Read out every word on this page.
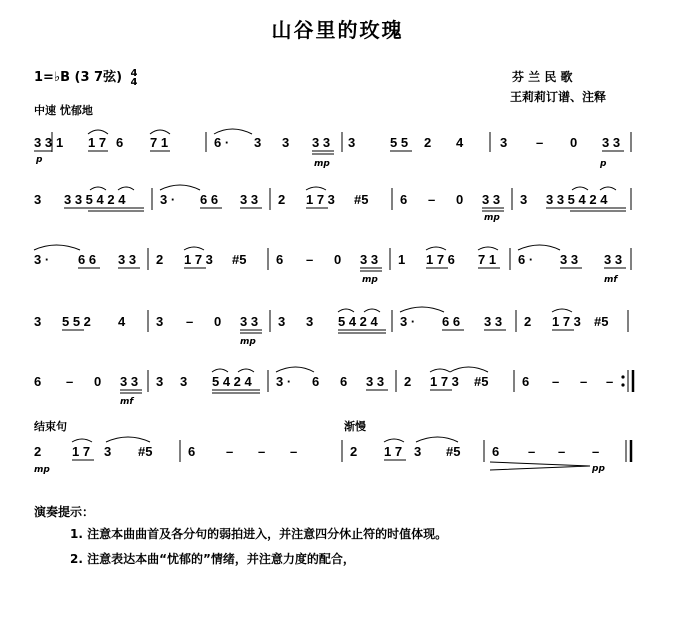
山谷里的玫瑰
1=♭B (3 7弦) 4
4	芬 兰 民 歌
王莉莉订谱、注释
中速 忧郁地
3 3 1 1 7 6 7 1	6 · 3 3 3 3 3	5 5 2 4	3 – 0 3 3
p	mp	p
3 3 3 5 4 2 4	3 · 6 6 3 3 2 1 7 3 #5 6 – 0 3 3 3 3 3 5 4 2 4
mp
3 · 6 6 3 3 2 1 7 3 #5 6 – 0 3 3 1 1 7 6 7 1 6 · 3 3 3 3
mp	mf
3 5 5 2 4 3 – 0 3 3 3 3 5 4 2 4 3 · 6 6 3 3 2 1 7 3 #5
mp
6 – 0 3 3 3 3 5 4 2 4 3 · 6 6 3 3 2 1 7 3 #5	6 – – –
mf
结束句	渐慢
2 1 7 3 #5	6 – – –	2 1 7 3 #5 6 – – –
mp	pp
演奏提示：
1. 注意本曲曲首及各分句的弱拍进入，并注意四分休止符的时值体现。
2. 注意表达本曲“忧郁的”情绪，并注意力度的配合，
